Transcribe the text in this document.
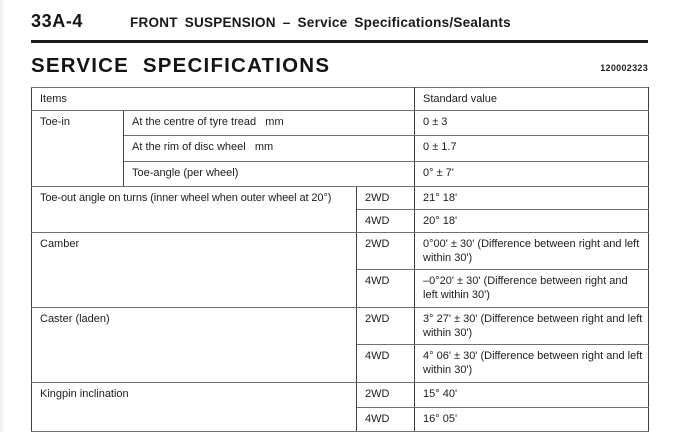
33A-4	FRONT SUSPENSION – Service Specifications/Sealants
SERVICE SPECIFICATIONS	120002323
Items			Standard value
Toe-in	At the centre of tyre tread   mm		0 ± 3
	At the rim of disc wheel   mm		0 ± 1.7
	Toe-angle (per wheel)		0° ± 7'
Toe-out angle on turns (inner wheel when outer wheel at 20°)		2WD	21° 18'
		4WD	20° 18'
Camber		2WD	0°00' ± 30' (Difference between right and left within 30')
		4WD	–0°20' ± 30' (Difference between right and left within 30')
Caster (laden)		2WD	3° 27' ± 30' (Difference between right and left within 30')
		4WD	4° 06' ± 30' (Difference between right and left within 30')
Kingpin inclination		2WD	15° 40'
		4WD	16° 05'
